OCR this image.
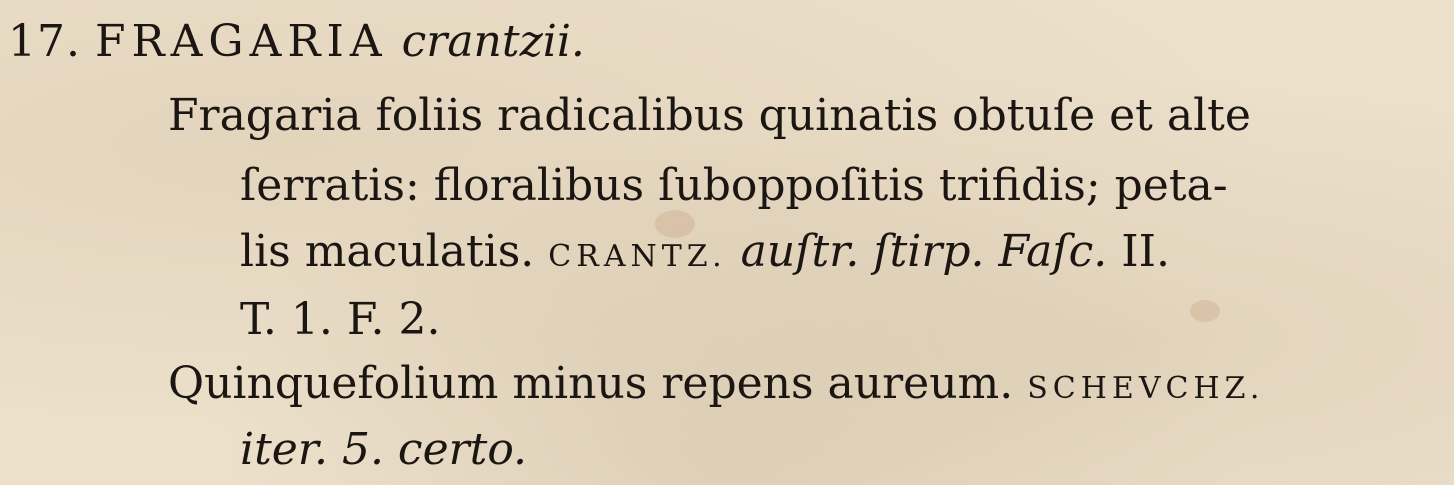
17. FRAGARIA crantzii.
Fragaria foliis radicalibus quinatis obtuſe et alte
ſerratis: floralibus ſuboppoſitis trifidis; peta-
lis maculatis. CRANTZ. auſtr. ſtirp. Faſc. II.
T. 1. F. 2.
Quinquefolium minus repens aureum. SCHEVCHZ.
iter. 5. certo.
